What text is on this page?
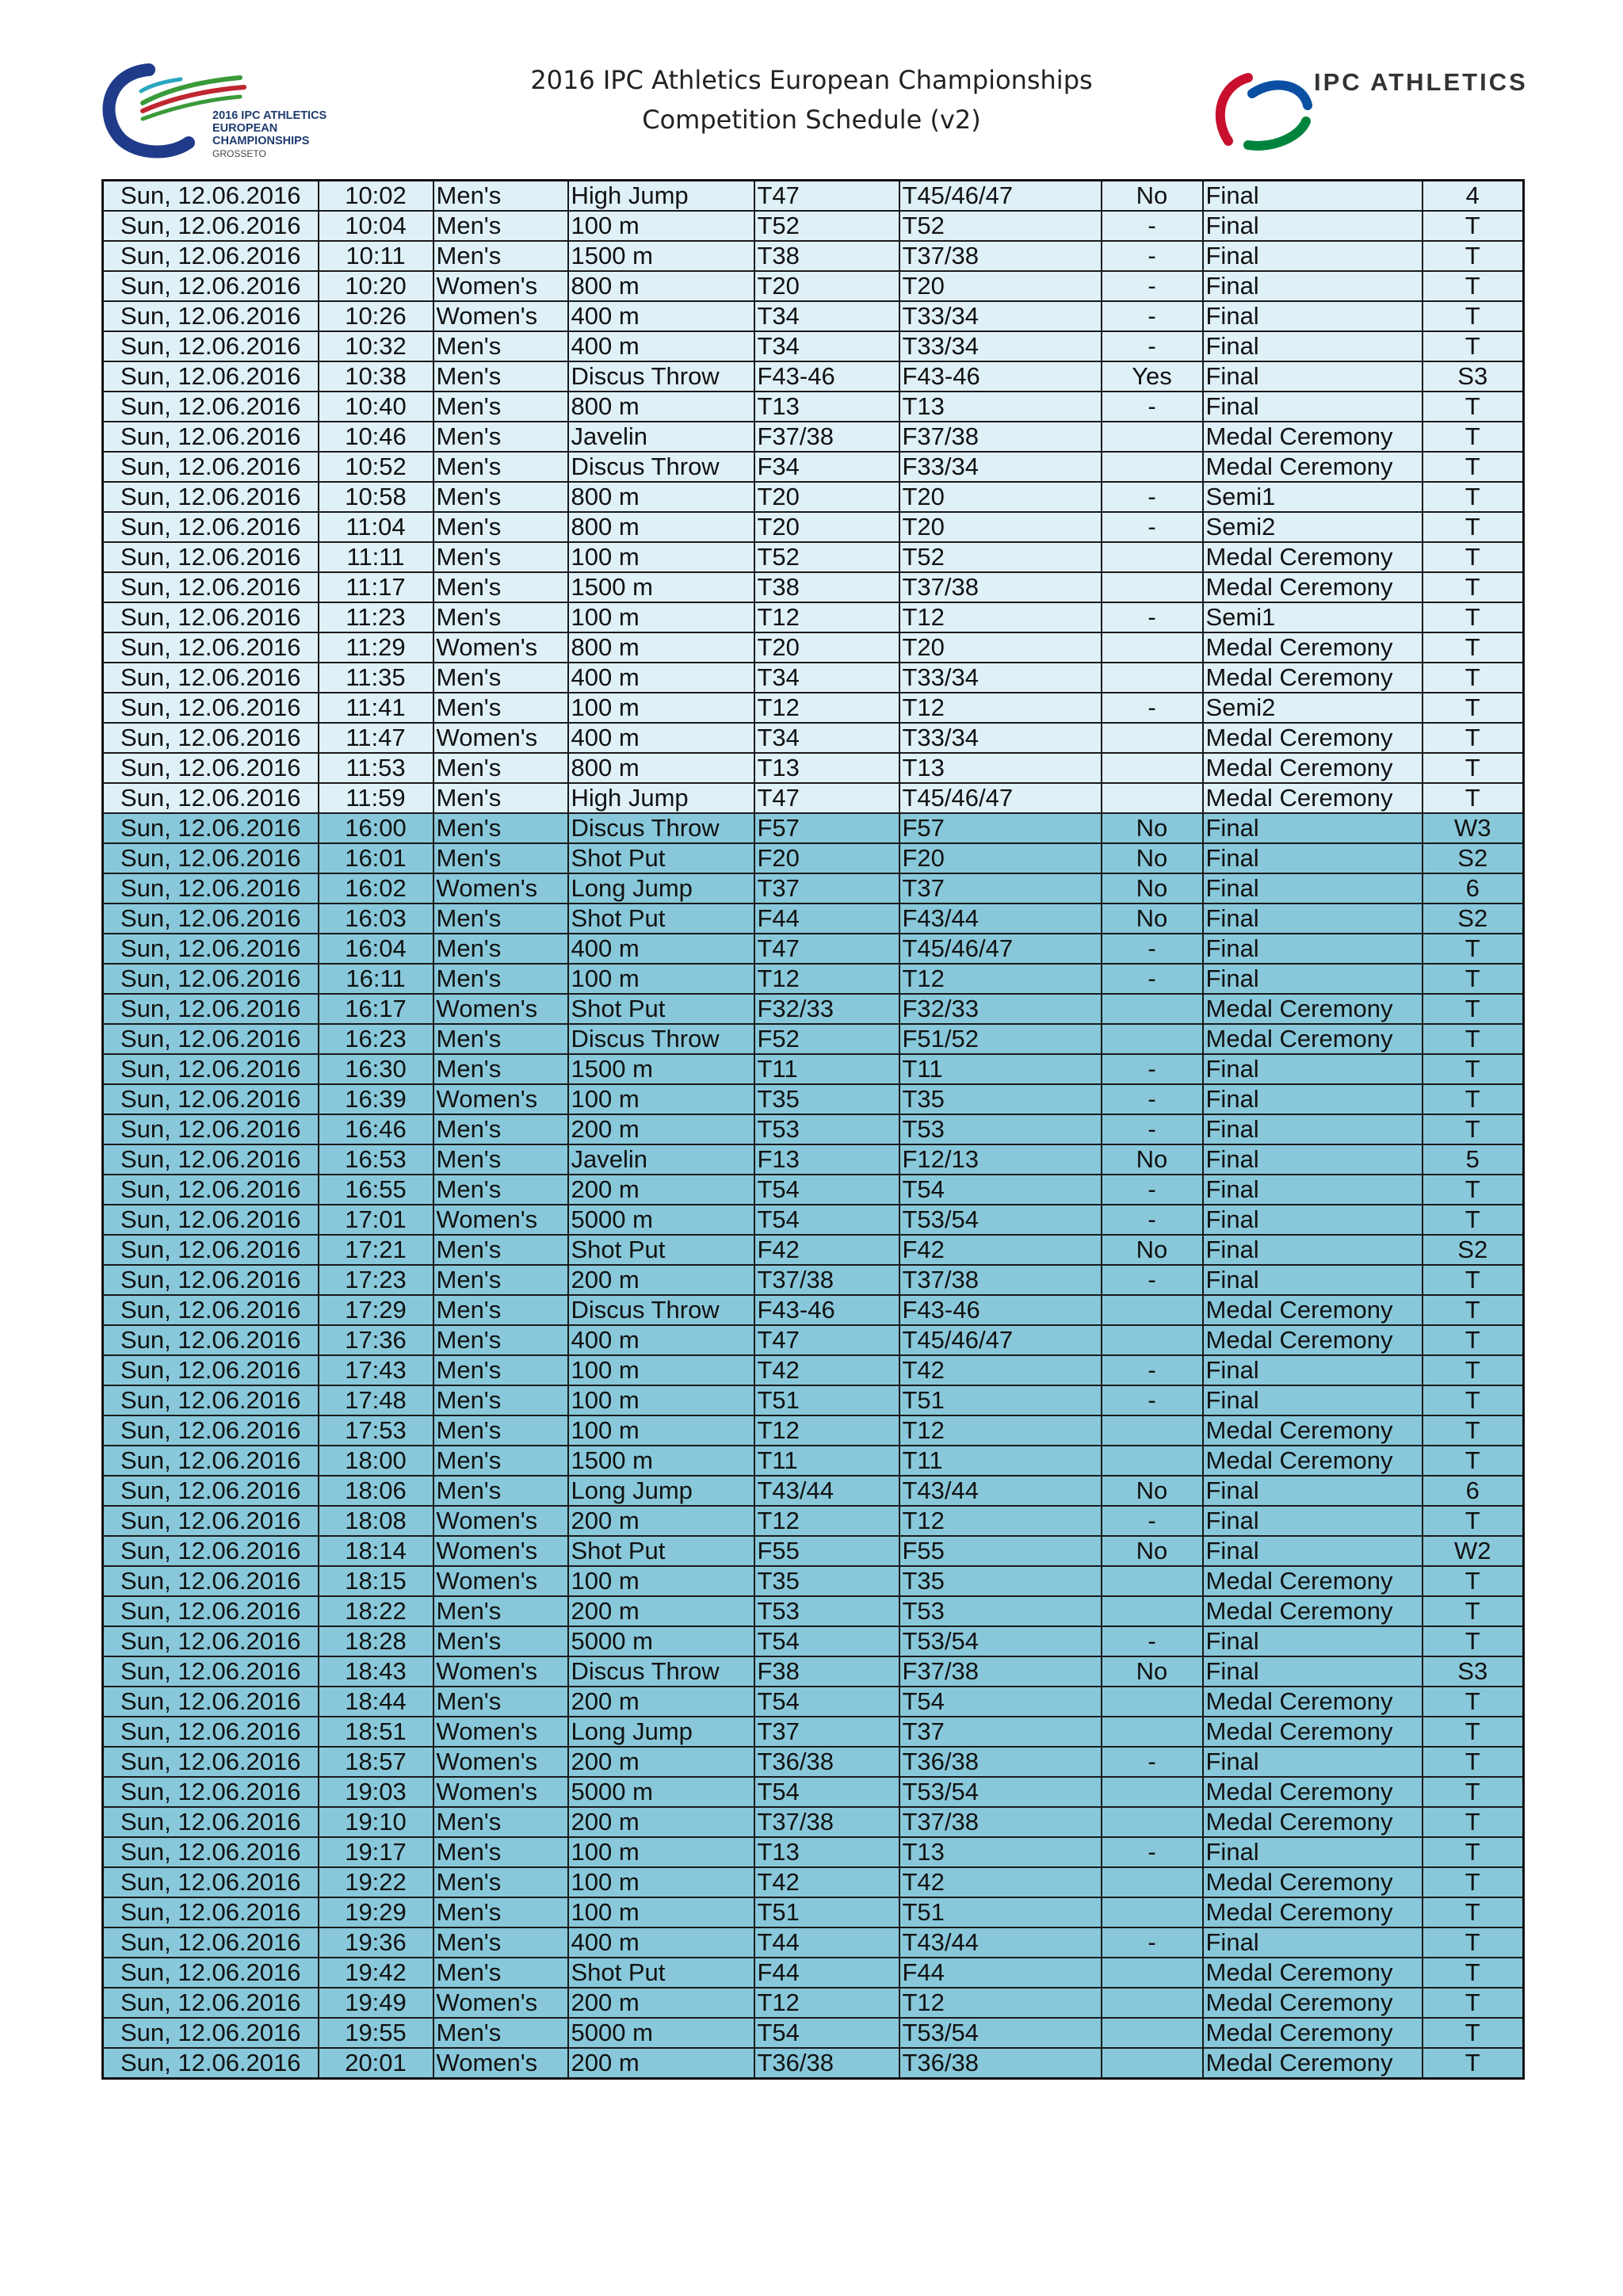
2016 IPC ATHLETICS
EUROPEAN
CHAMPIONSHIPS
GROSSETO
2016 IPC Athletics European Championships
Competition Schedule (v2)
IPC ATHLETICS
Sun, 12.06.2016	10:02	Men's	High Jump	T47	T45/46/47	No	Final	4
Sun, 12.06.2016	10:04	Men's	100 m	T52	T52	-	Final	T
Sun, 12.06.2016	10:11	Men's	1500 m	T38	T37/38	-	Final	T
Sun, 12.06.2016	10:20	Women's	800 m	T20	T20	-	Final	T
Sun, 12.06.2016	10:26	Women's	400 m	T34	T33/34	-	Final	T
Sun, 12.06.2016	10:32	Men's	400 m	T34	T33/34	-	Final	T
Sun, 12.06.2016	10:38	Men's	Discus Throw	F43-46	F43-46	Yes	Final	S3
Sun, 12.06.2016	10:40	Men's	800 m	T13	T13	-	Final	T
Sun, 12.06.2016	10:46	Men's	Javelin	F37/38	F37/38		Medal Ceremony	T
Sun, 12.06.2016	10:52	Men's	Discus Throw	F34	F33/34		Medal Ceremony	T
Sun, 12.06.2016	10:58	Men's	800 m	T20	T20	-	Semi1	T
Sun, 12.06.2016	11:04	Men's	800 m	T20	T20	-	Semi2	T
Sun, 12.06.2016	11:11	Men's	100 m	T52	T52		Medal Ceremony	T
Sun, 12.06.2016	11:17	Men's	1500 m	T38	T37/38		Medal Ceremony	T
Sun, 12.06.2016	11:23	Men's	100 m	T12	T12	-	Semi1	T
Sun, 12.06.2016	11:29	Women's	800 m	T20	T20		Medal Ceremony	T
Sun, 12.06.2016	11:35	Men's	400 m	T34	T33/34		Medal Ceremony	T
Sun, 12.06.2016	11:41	Men's	100 m	T12	T12	-	Semi2	T
Sun, 12.06.2016	11:47	Women's	400 m	T34	T33/34		Medal Ceremony	T
Sun, 12.06.2016	11:53	Men's	800 m	T13	T13		Medal Ceremony	T
Sun, 12.06.2016	11:59	Men's	High Jump	T47	T45/46/47		Medal Ceremony	T
Sun, 12.06.2016	16:00	Men's	Discus Throw	F57	F57	No	Final	W3
Sun, 12.06.2016	16:01	Men's	Shot Put	F20	F20	No	Final	S2
Sun, 12.06.2016	16:02	Women's	Long Jump	T37	T37	No	Final	6
Sun, 12.06.2016	16:03	Men's	Shot Put	F44	F43/44	No	Final	S2
Sun, 12.06.2016	16:04	Men's	400 m	T47	T45/46/47	-	Final	T
Sun, 12.06.2016	16:11	Men's	100 m	T12	T12	-	Final	T
Sun, 12.06.2016	16:17	Women's	Shot Put	F32/33	F32/33		Medal Ceremony	T
Sun, 12.06.2016	16:23	Men's	Discus Throw	F52	F51/52		Medal Ceremony	T
Sun, 12.06.2016	16:30	Men's	1500 m	T11	T11	-	Final	T
Sun, 12.06.2016	16:39	Women's	100 m	T35	T35	-	Final	T
Sun, 12.06.2016	16:46	Men's	200 m	T53	T53	-	Final	T
Sun, 12.06.2016	16:53	Men's	Javelin	F13	F12/13	No	Final	5
Sun, 12.06.2016	16:55	Men's	200 m	T54	T54	-	Final	T
Sun, 12.06.2016	17:01	Women's	5000 m	T54	T53/54	-	Final	T
Sun, 12.06.2016	17:21	Men's	Shot Put	F42	F42	No	Final	S2
Sun, 12.06.2016	17:23	Men's	200 m	T37/38	T37/38	-	Final	T
Sun, 12.06.2016	17:29	Men's	Discus Throw	F43-46	F43-46		Medal Ceremony	T
Sun, 12.06.2016	17:36	Men's	400 m	T47	T45/46/47		Medal Ceremony	T
Sun, 12.06.2016	17:43	Men's	100 m	T42	T42	-	Final	T
Sun, 12.06.2016	17:48	Men's	100 m	T51	T51	-	Final	T
Sun, 12.06.2016	17:53	Men's	100 m	T12	T12		Medal Ceremony	T
Sun, 12.06.2016	18:00	Men's	1500 m	T11	T11		Medal Ceremony	T
Sun, 12.06.2016	18:06	Men's	Long Jump	T43/44	T43/44	No	Final	6
Sun, 12.06.2016	18:08	Women's	200 m	T12	T12	-	Final	T
Sun, 12.06.2016	18:14	Women's	Shot Put	F55	F55	No	Final	W2
Sun, 12.06.2016	18:15	Women's	100 m	T35	T35		Medal Ceremony	T
Sun, 12.06.2016	18:22	Men's	200 m	T53	T53		Medal Ceremony	T
Sun, 12.06.2016	18:28	Men's	5000 m	T54	T53/54	-	Final	T
Sun, 12.06.2016	18:43	Women's	Discus Throw	F38	F37/38	No	Final	S3
Sun, 12.06.2016	18:44	Men's	200 m	T54	T54		Medal Ceremony	T
Sun, 12.06.2016	18:51	Women's	Long Jump	T37	T37		Medal Ceremony	T
Sun, 12.06.2016	18:57	Women's	200 m	T36/38	T36/38	-	Final	T
Sun, 12.06.2016	19:03	Women's	5000 m	T54	T53/54		Medal Ceremony	T
Sun, 12.06.2016	19:10	Men's	200 m	T37/38	T37/38		Medal Ceremony	T
Sun, 12.06.2016	19:17	Men's	100 m	T13	T13	-	Final	T
Sun, 12.06.2016	19:22	Men's	100 m	T42	T42		Medal Ceremony	T
Sun, 12.06.2016	19:29	Men's	100 m	T51	T51		Medal Ceremony	T
Sun, 12.06.2016	19:36	Men's	400 m	T44	T43/44	-	Final	T
Sun, 12.06.2016	19:42	Men's	Shot Put	F44	F44		Medal Ceremony	T
Sun, 12.06.2016	19:49	Women's	200 m	T12	T12		Medal Ceremony	T
Sun, 12.06.2016	19:55	Men's	5000 m	T54	T53/54		Medal Ceremony	T
Sun, 12.06.2016	20:01	Women's	200 m	T36/38	T36/38		Medal Ceremony	T
